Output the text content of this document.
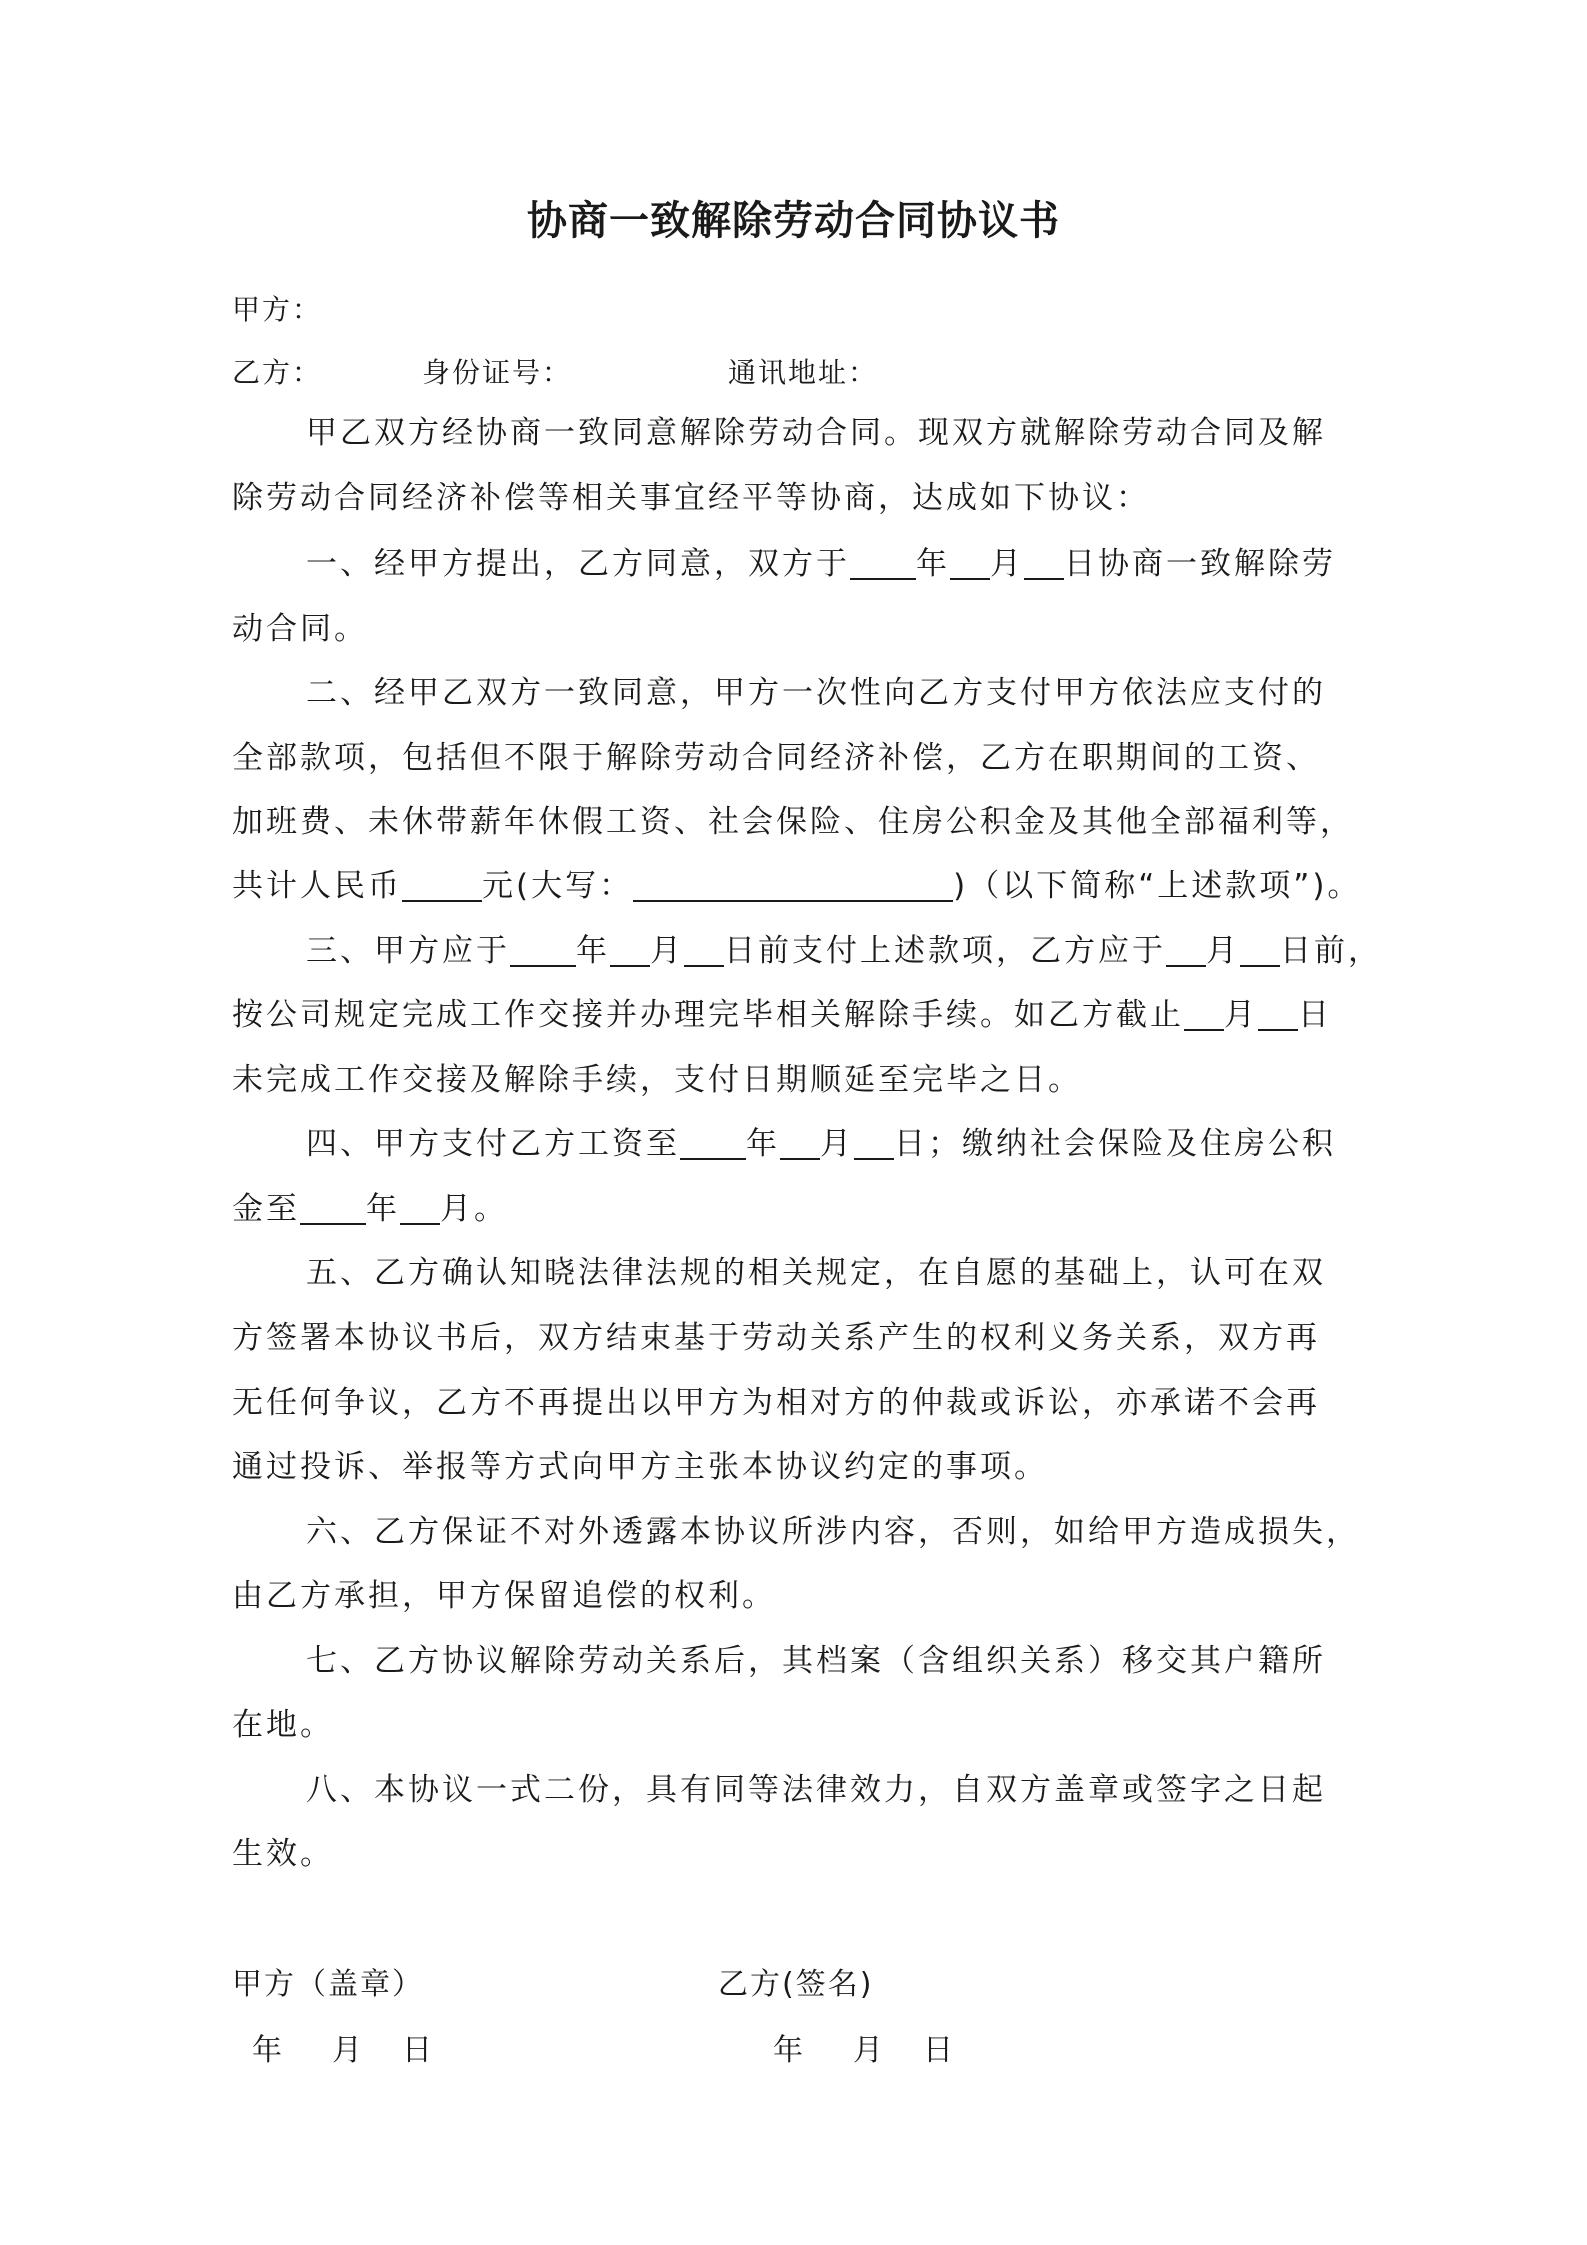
协商一致解除劳动合同协议书
甲方：
乙方：	身份证号：	通讯地址：
甲乙双方经协商一致同意解除劳动合同。现双方就解除劳动合同及解
除劳动合同经济补偿等相关事宜经平等协商，达成如下协议：
一、经甲方提出，乙方同意，双方于 年 月 日协商一致解除劳
动合同。
二、经甲乙双方一致同意，甲方一次性向乙方支付甲方依法应支付的
全部款项，包括但不限于解除劳动合同经济补偿，乙方在职期间的工资、
加班费、未休带薪年休假工资、社会保险、住房公积金及其他全部福利等，
共计人民币	元(大写：	)（以下简称“上述款项”)。
三、甲方应于 年 月 日前支付上述款项，乙方应于 月 日前，
按公司规定完成工作交接并办理完毕相关解除手续。如乙方截止 月 日
未完成工作交接及解除手续，支付日期顺延至完毕之日。
四、甲方支付乙方工资至 年 月 日；缴纳社会保险及住房公积
金至 年 月。
五、乙方确认知晓法律法规的相关规定，在自愿的基础上，认可在双
方签署本协议书后，双方结束基于劳动关系产生的权利义务关系，双方再
无任何争议，乙方不再提出以甲方为相对方的仲裁或诉讼，亦承诺不会再
通过投诉、举报等方式向甲方主张本协议约定的事项。
六、乙方保证不对外透露本协议所涉内容，否则，如给甲方造成损失，
由乙方承担，甲方保留追偿的权利。
七、乙方协议解除劳动关系后，其档案（含组织关系）移交其户籍所
在地。
八、本协议一式二份，具有同等法律效力，自双方盖章或签字之日起
生效。
甲方（盖章）	乙方(签名)
年 月 日	年 月 日
